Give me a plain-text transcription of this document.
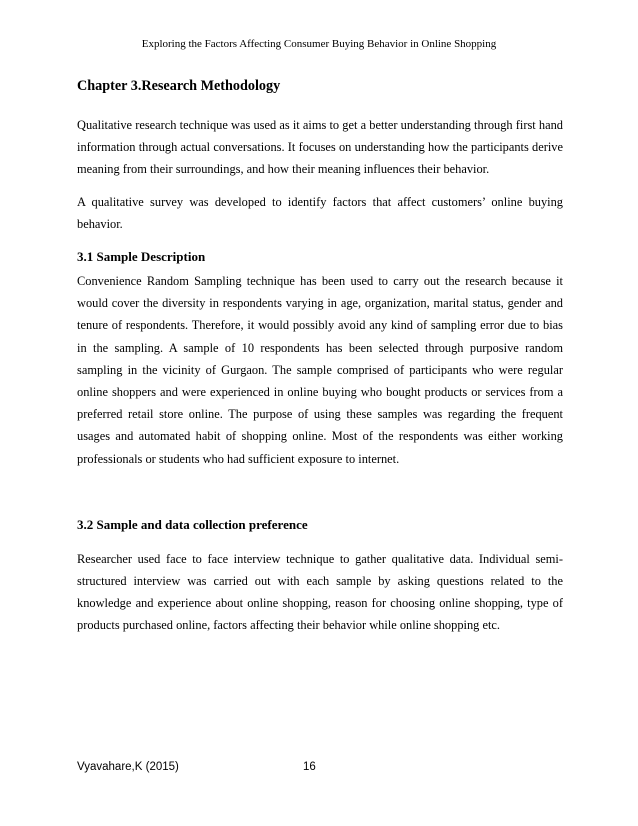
Exploring the Factors Affecting Consumer Buying Behavior in Online Shopping
Chapter 3.Research Methodology

Qualitative research technique was used as it aims to get a better understanding through first hand information through actual conversations. It focuses on understanding how the participants derive meaning from their surroundings, and how their meaning influences their behavior.

A qualitative survey was developed to identify factors that affect customers’ online buying behavior.

3.1 Sample Description

Convenience Random Sampling technique has been used to carry out the research because it would cover the diversity in respondents varying in age, organization, marital status, gender and tenure of respondents. Therefore, it would possibly avoid any kind of sampling error due to bias in the sampling. A sample of 10 respondents has been selected through purposive random sampling in the vicinity of Gurgaon. The sample comprised of participants who were regular online shoppers and were experienced in online buying who bought products or services from a preferred retail store online. The purpose of using these samples was regarding the frequent usages and automated habit of shopping online. Most of the respondents was either working professionals or students who had sufficient exposure to internet.

3.2 Sample and data collection preference

Researcher used face to face interview technique to gather qualitative data. Individual semi-structured interview was carried out with each sample by asking questions related to the knowledge and experience about online shopping, reason for choosing online shopping, type of products purchased online, factors affecting their behavior while online shopping etc.

Vyavahare,K (2015)	16
